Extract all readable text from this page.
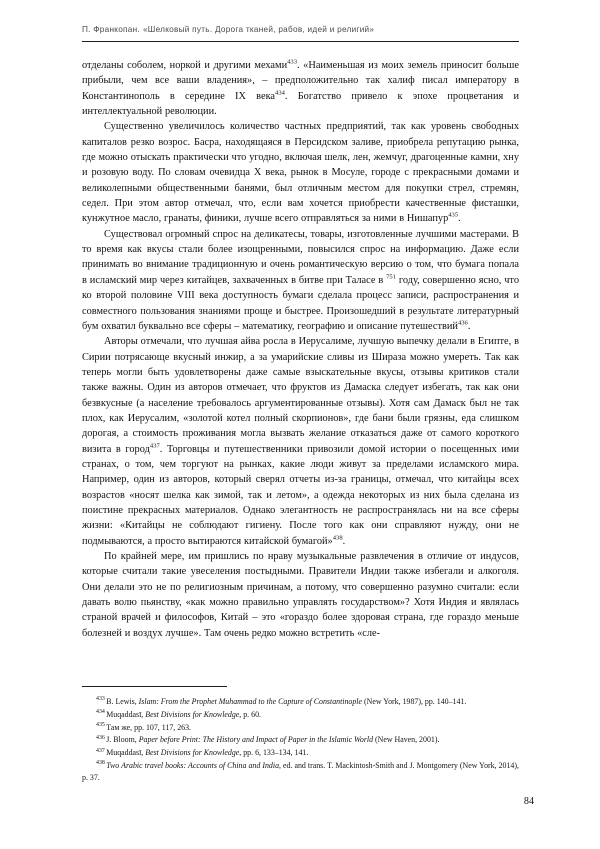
П. Франкопан. «Шелковый путь. Дорога тканей, рабов, идей и религий»

отделаны соболем, норкой и другими мехами$^{433}$. «Наименьшая из моих земель приносит больше прибыли, чем все ваши владения», – предположительно так халиф писал императору в Константинополь в середине IX века$^{434}$. Богатство привело к эпохе процветания и интеллектуальной революции.

Существенно увеличилось количество частных предприятий, так как уровень свободных капиталов резко возрос. Басра, находящаяся в Персидском заливе, приобрела репутацию рынка, где можно отыскать практически что угодно, включая шелк, лен, жемчуг, драгоценные камни, хну и розовую воду. По словам очевидца X века, рынок в Мосуле, городе с прекрасными домами и великолепными общественными банями, был отличным местом для покупки стрел, стремян, седел. При этом автор отмечал, что, если вам хочется приобрести качественные фисташки, кунжутное масло, гранаты, финики, лучше всего отправляться за ними в Нишапур$^{435}$.

Существовал огромный спрос на деликатесы, товары, изготовленные лучшими мастерами. В то время как вкусы стали более изощренными, повысился спрос на информацию. Даже если принимать во внимание традиционную и очень романтическую версию о том, что бумага попала в исламский мир через китайцев, захваченных в битве при Таласе в $^{751}$ году, совершенно ясно, что ко второй половине VIII века доступность бумаги сделала процесс записи, распространения и совместного пользования знаниями проще и быстрее. Произошедший в результате литературный бум охватил буквально все сферы – математику, географию и описание путешествий$^{436}$.

Авторы отмечали, что лучшая айва росла в Иерусалиме, лучшую выпечку делали в Египте, в Сирии потрясающе вкусный инжир, а за умарийские сливы из Шираза можно умереть. Так как теперь могли быть удовлетворены даже самые взыскательные вкусы, отзывы критиков стали также важны. Один из авторов отмечает, что фруктов из Дамаска следует избегать, так как они безвкусные (а население требовалось аргументированные отзывы). Хотя сам Дамаск был не так плох, как Иерусалим, «золотой котел полный скорпионов», где бани были грязны, еда слишком дорогая, а стоимость проживания могла вызвать желание отказаться даже от самого короткого визита в город$^{437}$. Торговцы и путешественники привозили домой истории о посещенных ими странах, о том, чем торгуют на рынках, какие люди живут за пределами исламского мира. Например, один из авторов, который сверял отчеты из-за границы, отмечал, что китайцы всех возрастов «носят шелка как зимой, так и летом», а одежда некоторых из них была сделана из поистине прекрасных материалов. Однако элегантность не распространялась ни на все сферы жизни: «Китайцы не соблюдают гигиену. После того как они справляют нужду, они не подмываются, а просто вытираются китайской бумагой»$^{438}$.

По крайней мере, им пришлись по нраву музыкальные развлечения в отличие от индусов, которые считали такие увеселения постыдными. Правители Индии также избегали и алкоголя. Они делали это не по религиозным причинам, а потому, что совершенно разумно считали: если давать волю пьянству, «как можно правильно управлять государством»? Хотя Индия и являлась страной врачей и философов, Китай – это «гораздо более здоровая страна, где гораздо меньше болезней и воздух лучше». Там очень редко можно встретить «сле-

$^{433}$B. Lewis, Islam: From the Prophet Muhammad to the Capture of Constantinople (New York, 1987), pp. 140–141.

$^{434}$Muqaddasī, Best Divisions for Knowledge, p. 60.

$^{435}$Там же, pp. 107, 117, 263.

$^{436}$J. Bloom, Paper before Print: The History and Impact of Paper in the Islamic World (New Haven, 2001).

$^{437}$Muqaddasī, Best Divisions for Knowledge, pp. 6, 133–134, 141.

$^{438}$Two Arabic travel books: Accounts of China and India, ed. and trans. T. Mackintosh-Smith and J. Montgomery (New York, 2014), p. 37.

84
